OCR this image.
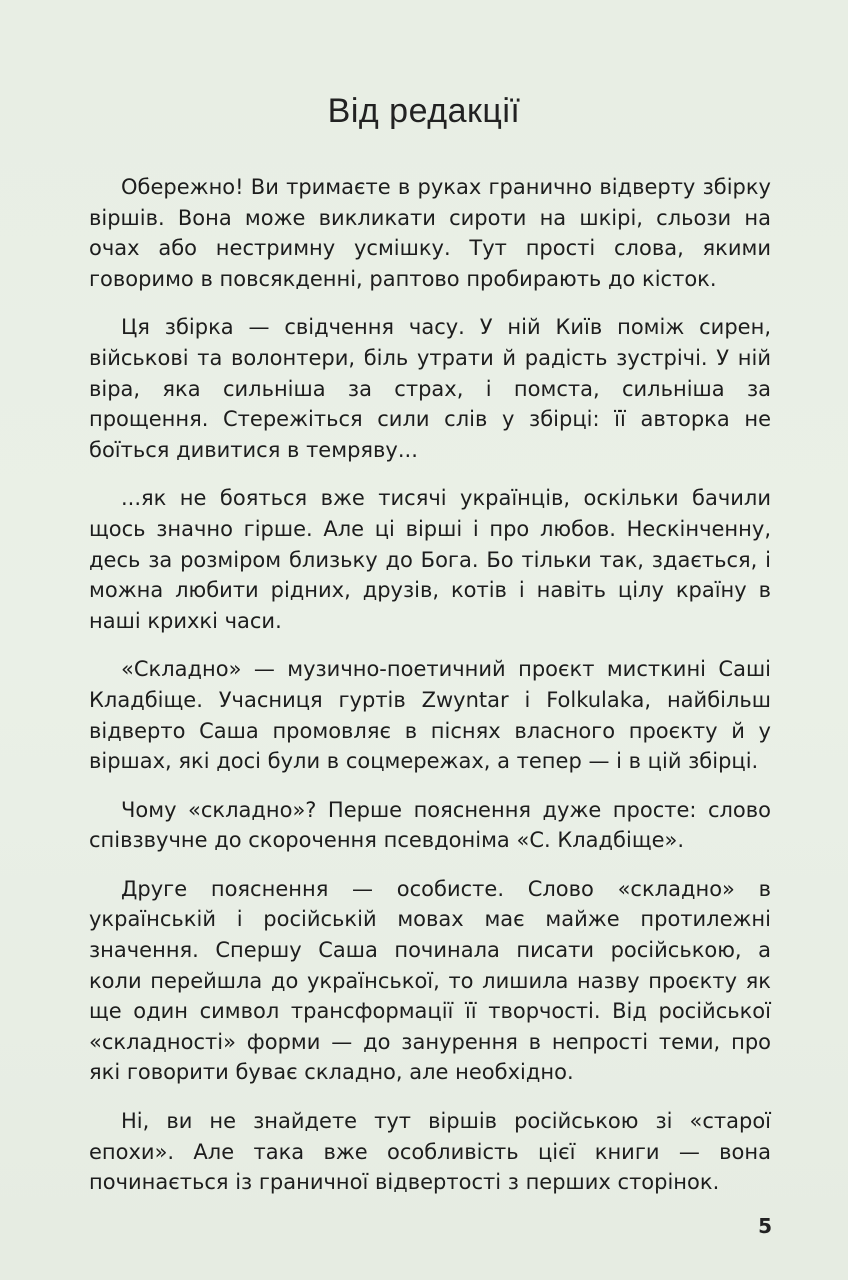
Від редакції

Обережно! Ви тримаєте в руках гранично відверту збірку віршів. Вона може викликати сироти на шкірі, сльози на очах або нестримну усмішку. Тут прості слова, якими говоримо в повсякденні, раптово пробирають до кісток.

Ця збірка — свідчення часу. У ній Київ поміж сирен, військові та волонтери, біль утрати й радість зустрічі. У ній віра, яка сильніша за страх, і помста, сильніша за прощення. Стережіться сили слів у збірці: її авторка не боїться дивитися в темряву...

...як не бояться вже тисячі українців, оскільки бачили щось значно гірше. Але ці вірші і про любов. Нескінченну, десь за розміром близьку до Бога. Бо тільки так, здається, і можна любити рідних, друзів, котів і навіть цілу країну в наші крихкі часи.

«Складно» — музично-поетичний проєкт мисткині Саші Кладбіще. Учасниця гуртів Zwyntar і Folkulaka, найбільш відверто Саша промовляє в піснях власного проєкту й у віршах, які досі були в соцмережах, а тепер — і в цій збірці.

Чому «складно»? Перше пояснення дуже просте: слово співзвучне до скорочення псевдоніма «С. Кладбіще».

Друге пояснення — особисте. Слово «складно» в українській і російській мовах має майже протилежні значення. Спершу Саша починала писати російською, а коли перейшла до української, то лишила назву проєкту як ще один символ трансформації її творчості. Від російської «складності» форми — до занурення в непрості теми, про які говорити буває складно, але необхідно.

Ні, ви не знайдете тут віршів російською зі «старої епохи». Але така вже особливість цієї книги — вона починається із граничної відвертості з перших сторінок.

5
